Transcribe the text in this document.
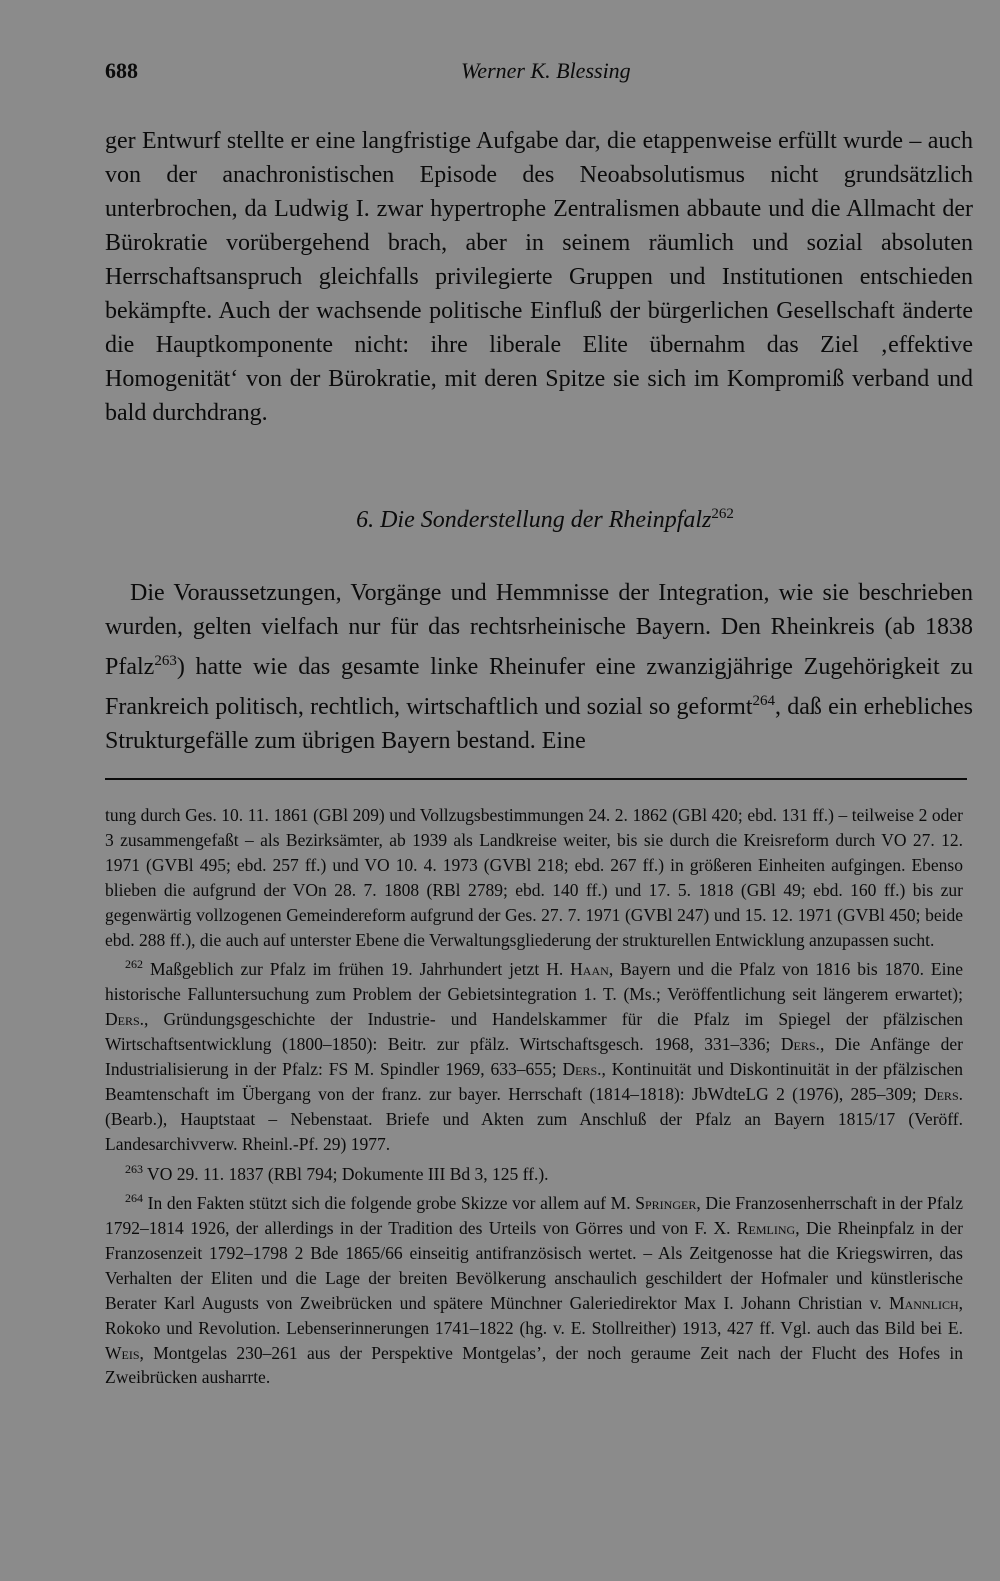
688	Werner K. Blessing

ger Entwurf stellte er eine langfristige Aufgabe dar, die etappenweise erfüllt wurde – auch von der anachronistischen Episode des Neoabsolutismus nicht grundsätzlich unterbrochen, da Ludwig I. zwar hypertrophe Zentralismen abbaute und die Allmacht der Bürokratie vorübergehend brach, aber in seinem räumlich und sozial absoluten Herrschaftsanspruch gleichfalls privilegierte Gruppen und Institutionen entschieden bekämpfte. Auch der wachsende politische Einfluß der bürgerlichen Gesellschaft änderte die Hauptkomponente nicht: ihre liberale Elite übernahm das Ziel ‚effektive Homogenität‘ von der Bürokratie, mit deren Spitze sie sich im Kompromiß verband und bald durchdrang.

6. Die Sonderstellung der Rheinpfalz$^{262}$

Die Voraussetzungen, Vorgänge und Hemmnisse der Integration, wie sie beschrieben wurden, gelten vielfach nur für das rechtsrheinische Bayern. Den Rheinkreis (ab 1838 Pfalz$^{263}$) hatte wie das gesamte linke Rheinufer eine zwanzigjährige Zugehörigkeit zu Frankreich politisch, rechtlich, wirtschaftlich und sozial so geformt$^{264}$, daß ein erhebliches Strukturgefälle zum übrigen Bayern bestand. Eine

tung durch Ges. 10. 11. 1861 (GBl 209) und Vollzugsbestimmungen 24. 2. 1862 (GBl 420; ebd. 131 ff.) – teilweise 2 oder 3 zusammengefaßt – als Bezirksämter, ab 1939 als Landkreise weiter, bis sie durch die Kreisreform durch VO 27. 12. 1971 (GVBl 495; ebd. 257 ff.) und VO 10. 4. 1973 (GVBl 218; ebd. 267 ff.) in größeren Einheiten aufgingen. Ebenso blieben die aufgrund der VOn 28. 7. 1808 (RBl 2789; ebd. 140 ff.) und 17. 5. 1818 (GBl 49; ebd. 160 ff.) bis zur gegenwärtig vollzogenen Gemeindereform aufgrund der Ges. 27. 7. 1971 (GVBl 247) und 15. 12. 1971 (GVBl 450; beide ebd. 288 ff.), die auch auf unterster Ebene die Verwaltungsgliederung der strukturellen Entwicklung anzupassen sucht.

$^{262}$ Maßgeblich zur Pfalz im frühen 19. Jahrhundert jetzt H. Haan, Bayern und die Pfalz von 1816 bis 1870. Eine historische Falluntersuchung zum Problem der Gebietsintegration 1. T. (Ms.; Veröffentlichung seit längerem erwartet); Ders., Gründungsgeschichte der Industrie- und Handelskammer für die Pfalz im Spiegel der pfälzischen Wirtschaftsentwicklung (1800–1850): Beitr. zur pfälz. Wirtschaftsgesch. 1968, 331–336; Ders., Die Anfänge der Industrialisierung in der Pfalz: FS M. Spindler 1969, 633–655; Ders., Kontinuität und Diskontinuität in der pfälzischen Beamtenschaft im Übergang von der franz. zur bayer. Herrschaft (1814–1818): JbWdteLG 2 (1976), 285–309; Ders. (Bearb.), Hauptstaat – Nebenstaat. Briefe und Akten zum Anschluß der Pfalz an Bayern 1815/17 (Veröff. Landesarchivverw. Rheinl.-Pf. 29) 1977.

$^{263}$ VO 29. 11. 1837 (RBl 794; Dokumente III Bd 3, 125 ff.).

$^{264}$ In den Fakten stützt sich die folgende grobe Skizze vor allem auf M. Springer, Die Franzosenherrschaft in der Pfalz 1792–1814 1926, der allerdings in der Tradition des Urteils von Görres und von F. X. Remling, Die Rheinpfalz in der Franzosenzeit 1792–1798 2 Bde 1865/66 einseitig antifranzösisch wertet. – Als Zeitgenosse hat die Kriegswirren, das Verhalten der Eliten und die Lage der breiten Bevölkerung anschaulich geschildert der Hofmaler und künstlerische Berater Karl Augusts von Zweibrücken und spätere Münchner Galeriedirektor Max I. Johann Christian v. Mannlich, Rokoko und Revolution. Lebenserinnerungen 1741–1822 (hg. v. E. Stollreither) 1913, 427 ff. Vgl. auch das Bild bei E. Weis, Montgelas 230–261 aus der Perspektive Montgelas’, der noch geraume Zeit nach der Flucht des Hofes in Zweibrücken ausharrte.
